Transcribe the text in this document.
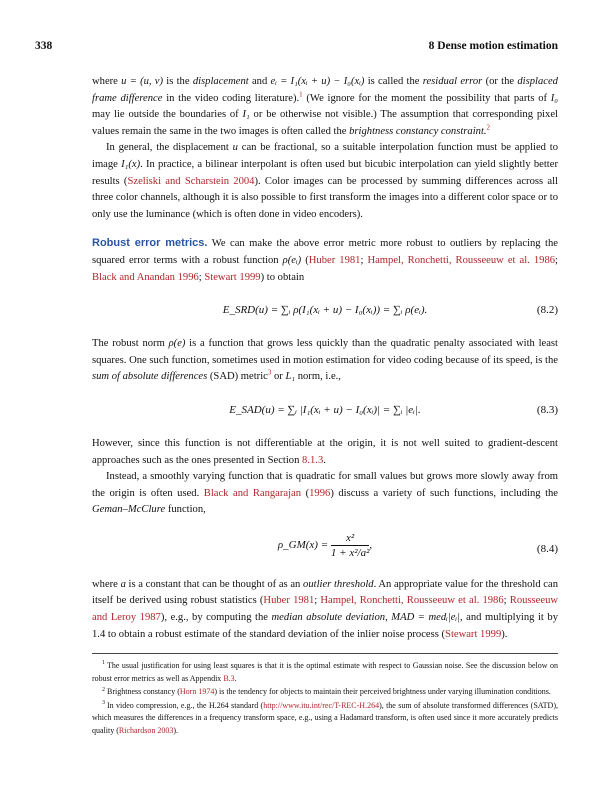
338	8 Dense motion estimation

where u = (u, v) is the displacement and eᵢ = I₁(xᵢ + u) − I₀(xᵢ) is called the residual error (or the displaced frame difference in the video coding literature).$^1$ (We ignore for the moment the possibility that parts of I₀ may lie outside the boundaries of I₁ or be otherwise not visible.) The assumption that corresponding pixel values remain the same in the two images is often called the brightness constancy constraint.$^2$

In general, the displacement u can be fractional, so a suitable interpolation function must be applied to image I₁(x). In practice, a bilinear interpolant is often used but bicubic interpolation can yield slightly better results (Szeliski and Scharstein 2004). Color images can be processed by summing differences across all three color channels, although it is also possible to first transform the images into a different color space or to only use the luminance (which is often done in video encoders).

Robust error metrics. We can make the above error metric more robust to outliers by replacing the squared error terms with a robust function ρ(eᵢ) (Huber 1981; Hampel, Ronchetti, Rousseeuw et al. 1986; Black and Anandan 1996; Stewart 1999) to obtain

E_SRD(u) = ∑ᵢ ρ(I₁(xᵢ + u) − I₀(xᵢ)) = ∑ᵢ ρ(eᵢ).	(8.2)

The robust norm ρ(e) is a function that grows less quickly than the quadratic penalty associated with least squares. One such function, sometimes used in motion estimation for video coding because of its speed, is the sum of absolute differences (SAD) metric$^3$ or L₁ norm, i.e.,

E_SAD(u) = ∑ᵢ |I₁(xᵢ + u) − I₀(xᵢ)| = ∑ᵢ |eᵢ|.	(8.3)

However, since this function is not differentiable at the origin, it is not well suited to gradient-descent approaches such as the ones presented in Section 8.1.3.

Instead, a smoothly varying function that is quadratic for small values but grows more slowly away from the origin is often used. Black and Rangarajan (1996) discuss a variety of such functions, including the Geman–McClure function,

ρ_GM(x) = $\frac{\text{x²}}{\text{1 + x²/a²}}$ ,	(8.4)

where a is a constant that can be thought of as an outlier threshold. An appropriate value for the threshold can itself be derived using robust statistics (Huber 1981; Hampel, Ronchetti, Rousseeuw et al. 1986; Rousseeuw and Leroy 1987), e.g., by computing the median absolute deviation, MAD = medᵢ|eᵢ|, and multiplying it by 1.4 to obtain a robust estimate of the standard deviation of the inlier noise process (Stewart 1999).

$^1$ The usual justification for using least squares is that it is the optimal estimate with respect to Gaussian noise. See the discussion below on robust error metrics as well as Appendix B.3.

$^2$ Brightness constancy (Horn 1974) is the tendency for objects to maintain their perceived brightness under varying illumination conditions.

$^3$ In video compression, e.g., the H.264 standard (http://www.itu.int/rec/T-REC-H.264), the sum of absolute transformed differences (SATD), which measures the differences in a frequency transform space, e.g., using a Hadamard transform, is often used since it more accurately predicts quality (Richardson 2003).
